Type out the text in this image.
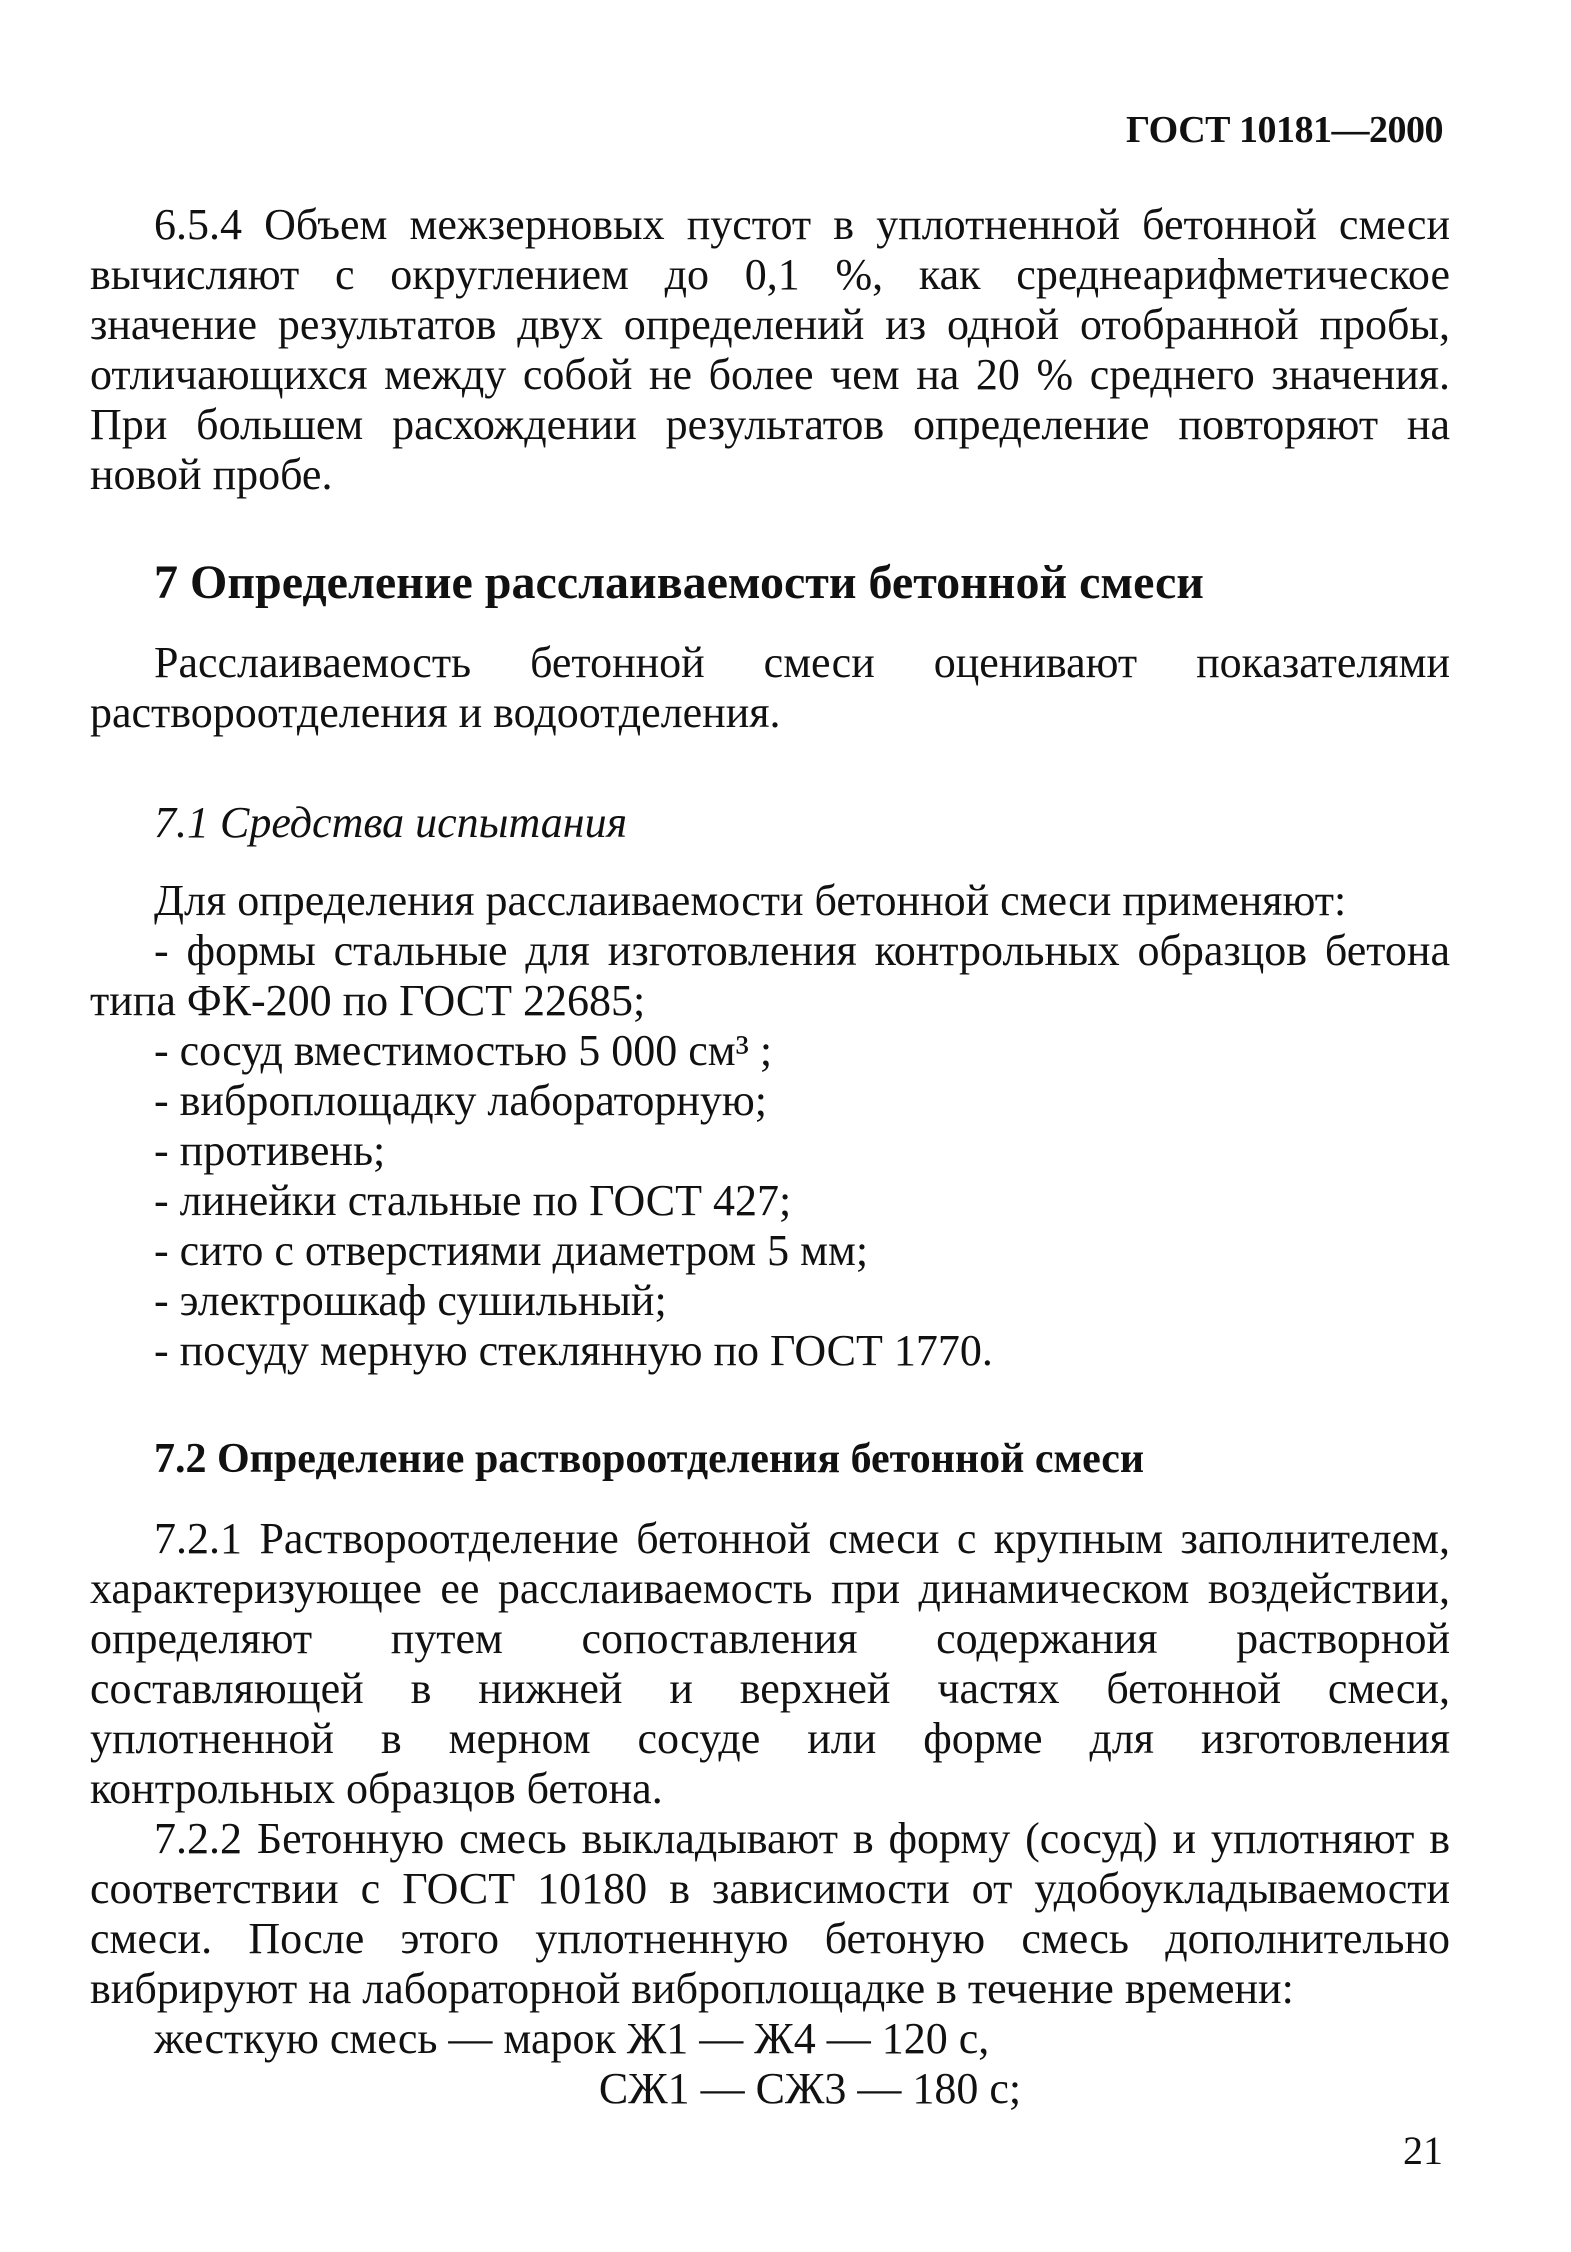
ГОСТ 10181—2000

6.5.4 Объем межзерновых пустот в уплотненной бетонной смеси вычисляют с округлением до 0,1 %, как среднеарифметическое значение результатов двух определений из одной отобранной пробы, отличающихся между собой не более чем на 20 % среднего значения. При большем расхождении результатов определение повторяют на новой пробе.

7 Определение расслаиваемости бетонной смеси

Расслаиваемость бетонной смеси оценивают показателями раствороотделения и водоотделения.

7.1 Средства испытания

Для определения расслаиваемости бетонной смеси применяют:

- формы стальные для изготовления контрольных образцов бетона типа ФК-200 по ГОСТ 22685;
- сосуд вместимостью 5 000 см³ ;
- виброплощадку лабораторную;
- противень;
- линейки стальные по ГОСТ 427;
- сито с отверстиями диаметром 5 мм;
- электрошкаф сушильный;
- посуду мерную стеклянную по ГОСТ 1770.
7.2 Определение раствороотделения бетонной смеси

7.2.1 Раствороотделение бетонной смеси с крупным заполнителем, характеризующее ее расслаиваемость при динамическом воздействии, определяют путем сопоставления содержания растворной составляющей в нижней и верхней частях бетонной смеси, уплотненной в мерном сосуде или форме для изготовления контрольных образцов бетона.

7.2.2 Бетонную смесь выкладывают в форму (сосуд) и уплотняют в соответствии с ГОСТ 10180 в зависимости от удобоукладываемости смеси. После этого уплотненную бетоную смесь дополнительно вибрируют на лабораторной виброплощадке в течение времени:

жесткую смесь — марок Ж1 — Ж4 — 120 с,

СЖ1 — СЖ3 — 180 с;

21
